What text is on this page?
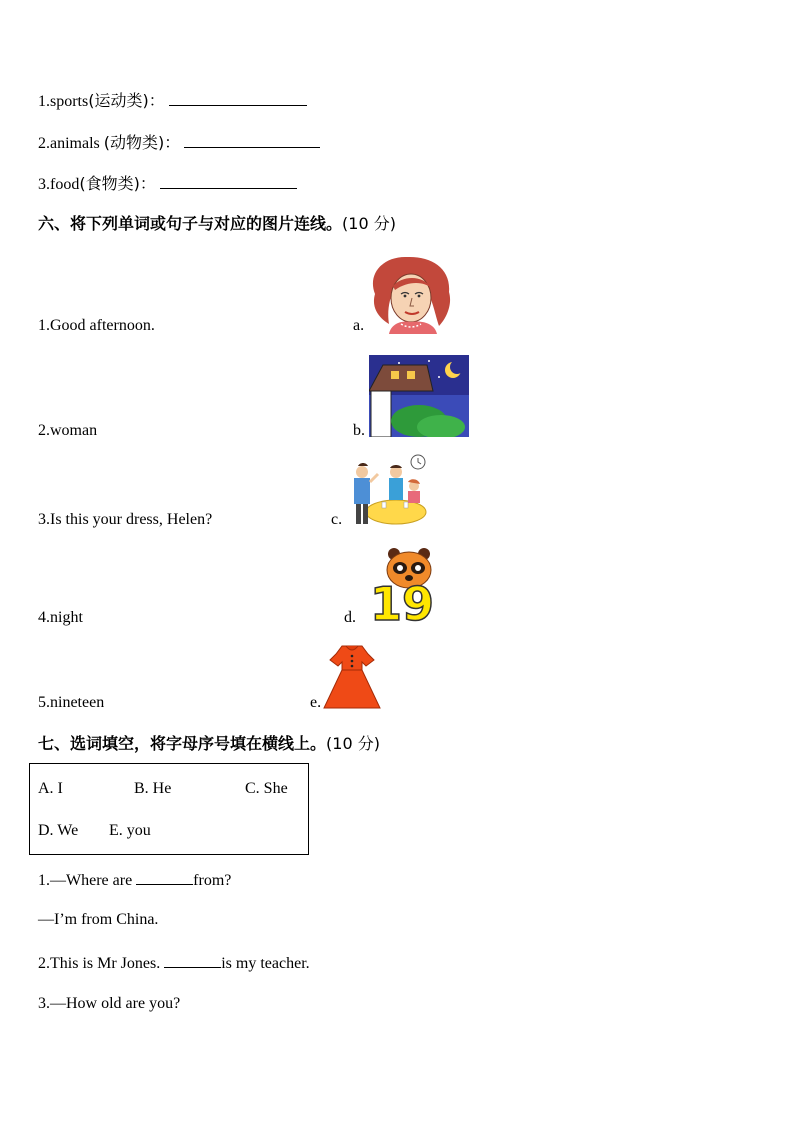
1.sports(运动类)：
2.animals (动物类)：
3.food(食物类)：
六、将下列单词或句子与对应的图片连线。(10 分)
1.Good afternoon.	a.
2.woman	b.
3.Is this your dress, Helen?	c.
4.night	d.
5.nineteen	e.
19
七、选词填空，将字母序号填在横线上。(10 分)
A. I	B. He	C. She
D. We E. you
1.—Where are	from?
—I’m from China.
2.This is Mr Jones.	is my teacher.
3.—How old are you?
